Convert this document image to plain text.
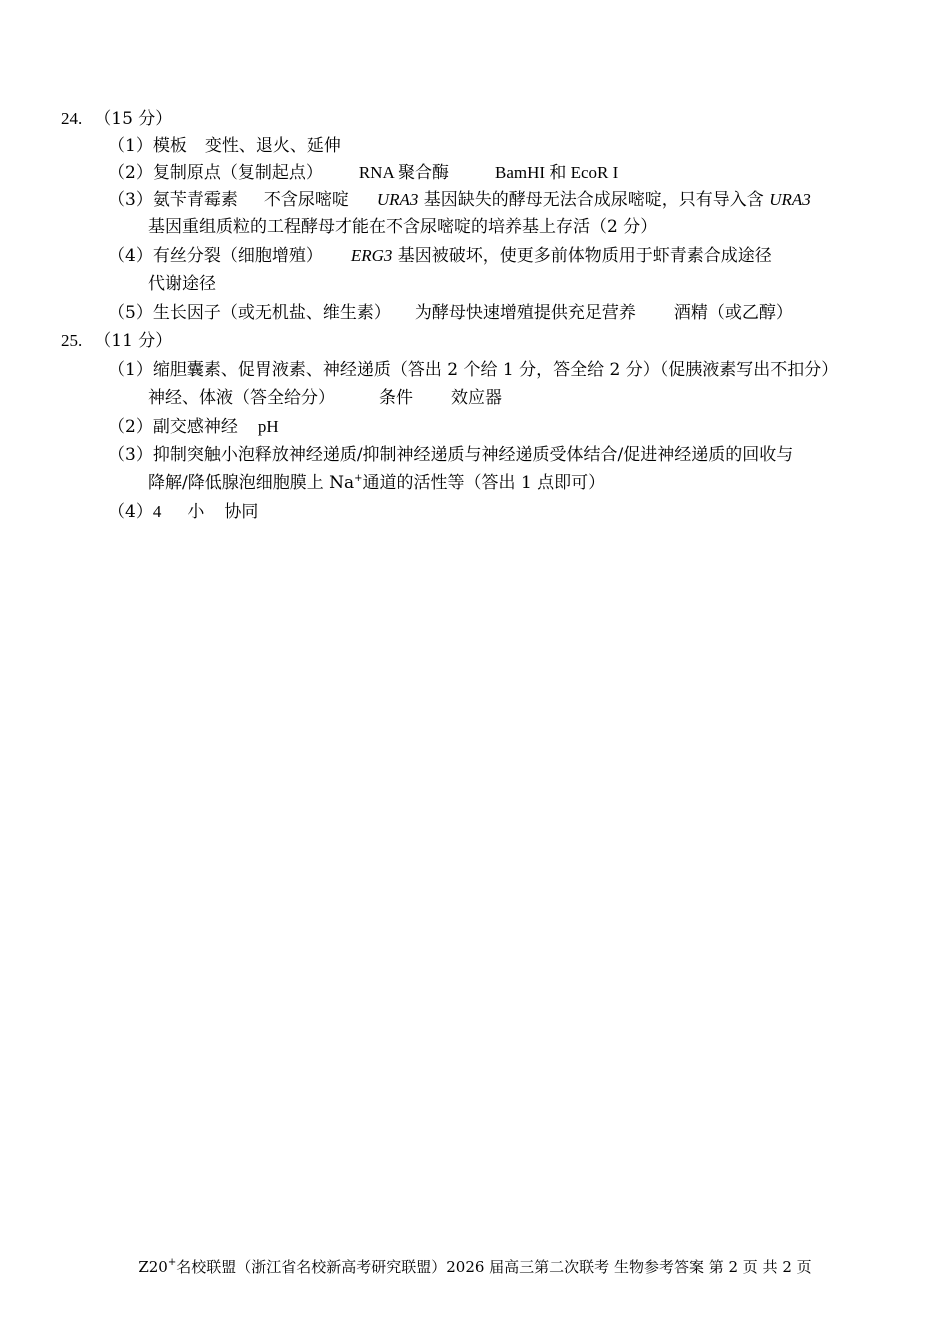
24. （15 分）
（1）模板 变性、退火、延伸
（2）复制原点（复制起点） RNA 聚合酶	BamHI 和 EcoR I
（3）氨苄青霉素 不含尿嘧啶 URA3 基因缺失的酵母无法合成尿嘧啶，只有导入含 URA3
基因重组质粒的工程酵母才能在不含尿嘧啶的培养基上存活（2 分）
（4）有丝分裂（细胞增殖） ERG3 基因被破坏，使更多前体物质用于虾青素合成途径
代谢途径
（5）生长因子（或无机盐、维生素） 为酵母快速增殖提供充足营养 酒精（或乙醇）
25. （11 分）
（1）缩胆囊素、促胃液素、神经递质（答出 2 个给 1 分，答全给 2 分）（促胰液素写出不扣分）
神经、体液（答全给分）	条件 效应器
（2）副交感神经 pH
（3）抑制突触小泡释放神经递质/抑制神经递质与神经递质受体结合/促进神经递质的回收与
降解/降低腺泡细胞膜上 Na+通道的活性等（答出 1 点即可）
（4）4 小 协同
Z20+名校联盟（浙江省名校新高考研究联盟）2026 届高三第二次联考 生物参考答案 第 2 页 共 2 页
